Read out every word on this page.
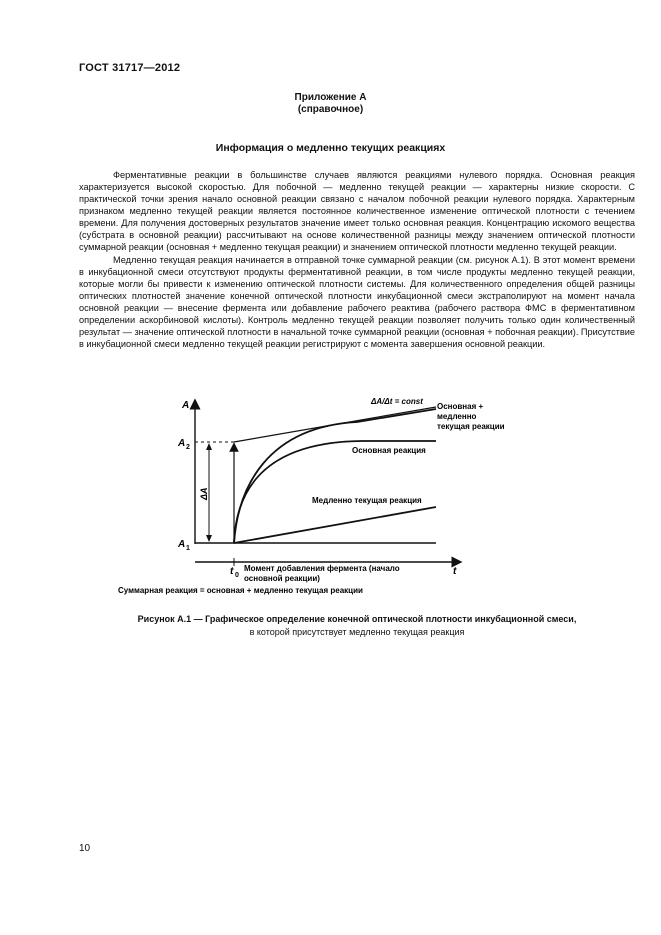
ГОСТ 31717—2012
Приложение А
(справочное)
Информация о медленно текущих реакциях

Ферментативные реакции в большинстве случаев являются реакциями нулевого порядка. Основная реакция характеризуется высокой скоростью. Для побочной — медленно текущей реакции — характерны низкие скорости. С практической точки зрения начало основной реакции связано с началом побочной реакции нулевого порядка. Характерным признаком медленно текущей реакции является постоянное количественное изменение оптической плотности с течением времени. Для получения достоверных результатов значение имеет только основная реакция. Концентрацию искомого вещества (субстрата в основной реакции) рассчитывают на основе количественной разницы между значением оптической плотности суммарной реакции (основная + медленно текущая реакции) и значением оптической плотности медленно текущей реакции.

Медленно текущая реакция начинается в отправной точке суммарной реакции (см. рисунок А.1). В этот момент времени в инкубационной смеси отсутствуют продукты ферментативной реакции, в том числе продукты медленно текущей реакции, которые могли бы привести к изменению оптической плотности системы. Для количественного определения общей разницы оптических плотностей значение конечной оптической плотности инкубационной смеси экстраполируют на момент начала основной реакции — внесение фермента или добавление рабочего реактива (рабочего раствора ФМС в ферментативном определении аскорбиновой кислоты). Контроль медленно текущей реакции позволяет получить только один количественный результат — значение оптической плотности в начальной точке суммарной реакции (основная + побочная реакции). Присутствие в инкубационной смеси медленно текущей реакции регистрируют с момента завершения основной реакции.

A
t
A 2
A 1
ΔA
ΔA/Δt = const
Основная +
медленно
текущая реакции
Основная реакция
Медленно текущая реакция
t 0
Момент добавления фермента (начало
основной реакции)
Суммарная реакция = основная + медленно текущая реакции
Рисунок А.1 — Графическое определение конечной оптической плотности инкубационной смеси,
в которой присутствует медленно текущая реакция
10
